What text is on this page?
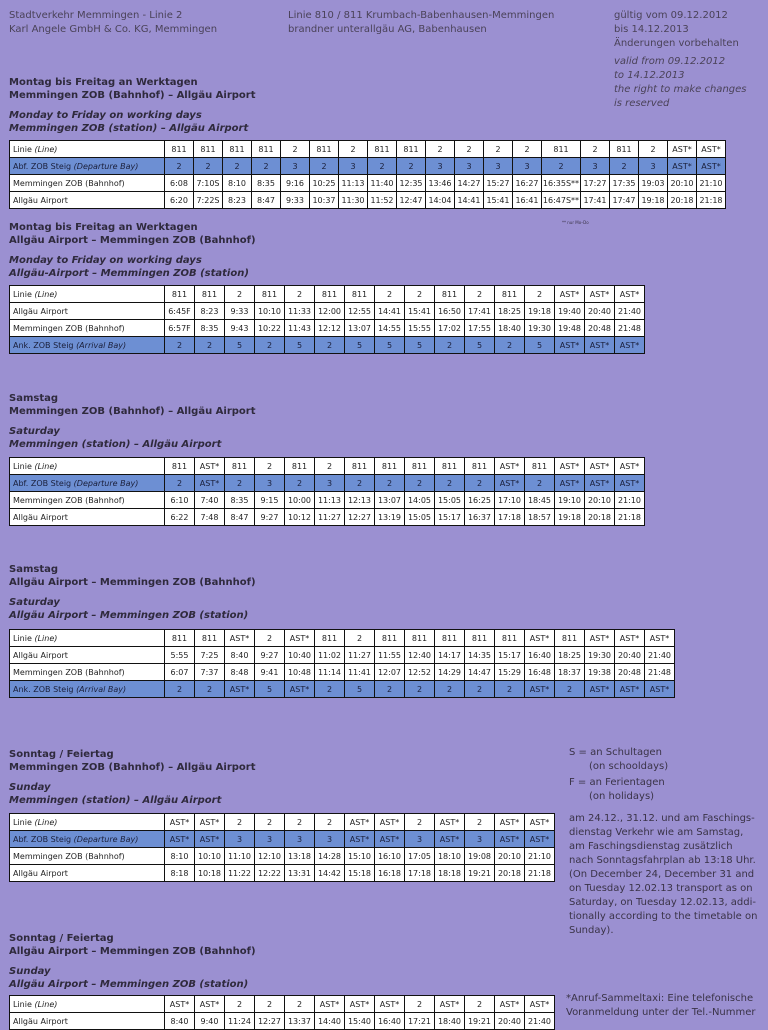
Stadtverkehr Memmingen - Linie 2
Karl Angele GmbH & Co. KG, Memmingen
Linie 810 / 811 Krumbach-Babenhausen-Memmingen
brandner unterallgäu AG, Babenhausen
gültig vom 09.12.2012
bis 14.12.2013
Änderungen vorbehalten
valid from 09.12.2012
to 14.12.2013
the right to make changes
is reserved
Montag bis Freitag an Werktagen
Memmingen ZOB (Bahnhof) – Allgäu Airport
Monday to Friday on working days
Memmingen ZOB (station) – Allgäu Airport
Montag bis Freitag an Werktagen
Allgäu Airport – Memmingen ZOB (Bahnhof)
Monday to Friday on working days
Allgäu-Airport – Memmingen ZOB (station)
Samstag
Memmingen ZOB (Bahnhof) – Allgäu Airport
Saturday
Memmingen (station) – Allgäu Airport
Samstag
Allgäu Airport – Memmingen ZOB (Bahnhof)
Saturday
Allgäu Airport – Memmingen ZOB (station)
Sonntag / Feiertag
Memmingen ZOB (Bahnhof) – Allgäu Airport
Sunday
Memmingen (station) – Allgäu Airport
Sonntag / Feiertag
Allgäu Airport – Memmingen ZOB (Bahnhof)
Sunday
Allgäu Airport – Memmingen ZOB (station)
Linie (Line)	811	811	811	811	2	811	2	811	811	2	2	2	2	811	2	811	2	AST*	AST*
Abf. ZOB Steig (Departure Bay)	2	2	2	2	3	2	3	2	2	3	3	3	3	2	3	2	3	AST*	AST*
Memmingen ZOB (Bahnhof)	6:08	7:10S	8:10	8:35	9:16	10:25	11:13	11:40	12:35	13:46	14:27	15:27	16:27	16:35S**	17:27	17:35	19:03	20:10	21:10
Allgäu Airport	6:20	7:22S	8:23	8:47	9:33	10:37	11:30	11:52	12:47	14:04	14:41	15:41	16:41	16:47S**	17:41	17:47	19:18	20:18	21:18
** nur Mo–Do
Linie (Line)	811	811	2	811	2	811	811	2	2	811	2	811	2	AST*	AST*	AST*
Allgäu Airport	6:45F	8:23	9:33	10:10	11:33	12:00	12:55	14:41	15:41	16:50	17:41	18:25	19:18	19:40	20:40	21:40
Memmingen ZOB (Bahnhof)	6:57F	8:35	9:43	10:22	11:43	12:12	13:07	14:55	15:55	17:02	17:55	18:40	19:30	19:48	20:48	21:48
Ank. ZOB Steig (Arrival Bay)	2	2	5	2	5	2	5	5	5	2	5	2	5	AST*	AST*	AST*
Linie (Line)	811	AST*	811	2	811	2	811	811	811	811	811	AST*	811	AST*	AST*	AST*
Abf. ZOB Steig (Departure Bay)	2	AST*	2	3	2	3	2	2	2	2	2	AST*	2	AST*	AST*	AST*
Memmingen ZOB (Bahnhof)	6:10	7:40	8:35	9:15	10:00	11:13	12:13	13:07	14:05	15:05	16:25	17:10	18:45	19:10	20:10	21:10
Allgäu Airport	6:22	7:48	8:47	9:27	10:12	11:27	12:27	13:19	15:05	15:17	16:37	17:18	18:57	19:18	20:18	21:18
Linie (Line)	811	811	AST*	2	AST*	811	2	811	811	811	811	811	AST*	811	AST*	AST*	AST*
Allgäu Airport	5:55	7:25	8:40	9:27	10:40	11:02	11:27	11:55	12:40	14:17	14:35	15:17	16:40	18:25	19:30	20:40	21:40
Memmingen ZOB (Bahnhof)	6:07	7:37	8:48	9:41	10:48	11:14	11:41	12:07	12:52	14:29	14:47	15:29	16:48	18:37	19:38	20:48	21:48
Ank. ZOB Steig (Arrival Bay)	2	2	AST*	5	AST*	2	5	2	2	2	2	2	AST*	2	AST*	AST*	AST*
Linie (Line)	AST*	AST*	2	2	2	2	AST*	AST*	2	AST*	2	AST*	AST*
Abf. ZOB Steig (Departure Bay)	AST*	AST*	3	3	3	3	AST*	AST*	3	AST*	3	AST*	AST*
Memmingen ZOB (Bahnhof)	8:10	10:10	11:10	12:10	13:18	14:28	15:10	16:10	17:05	18:10	19:08	20:10	21:10
Allgäu Airport	8:18	10:18	11:22	12:22	13:31	14:42	15:18	16:18	17:18	18:18	19:21	20:18	21:18
Linie (Line)	AST*	AST*	2	2	2	AST*	AST*	AST*	2	AST*	2	AST*	AST*
Allgäu Airport	8:40	9:40	11:24	12:27	13:37	14:40	15:40	16:40	17:21	18:40	19:21	20:40	21:40
S = an Schultagen
(on schooldays)
F = an Ferientagen
(on holidays)
am 24.12., 31.12. und am Faschings-
dienstag Verkehr wie am Samstag,
am Faschingsdienstag zusätzlich
nach Sonntagsfahrplan ab 13:18 Uhr.
(On December 24, December 31 and
on Tuesday 12.02.13 transport as on
Saturday, on Tuesday 12.02.13, addi-
tionally according to the timetable on
Sunday).
*Anruf-Sammeltaxi: Eine telefonische
Voranmeldung unter der Tel.-Nummer
